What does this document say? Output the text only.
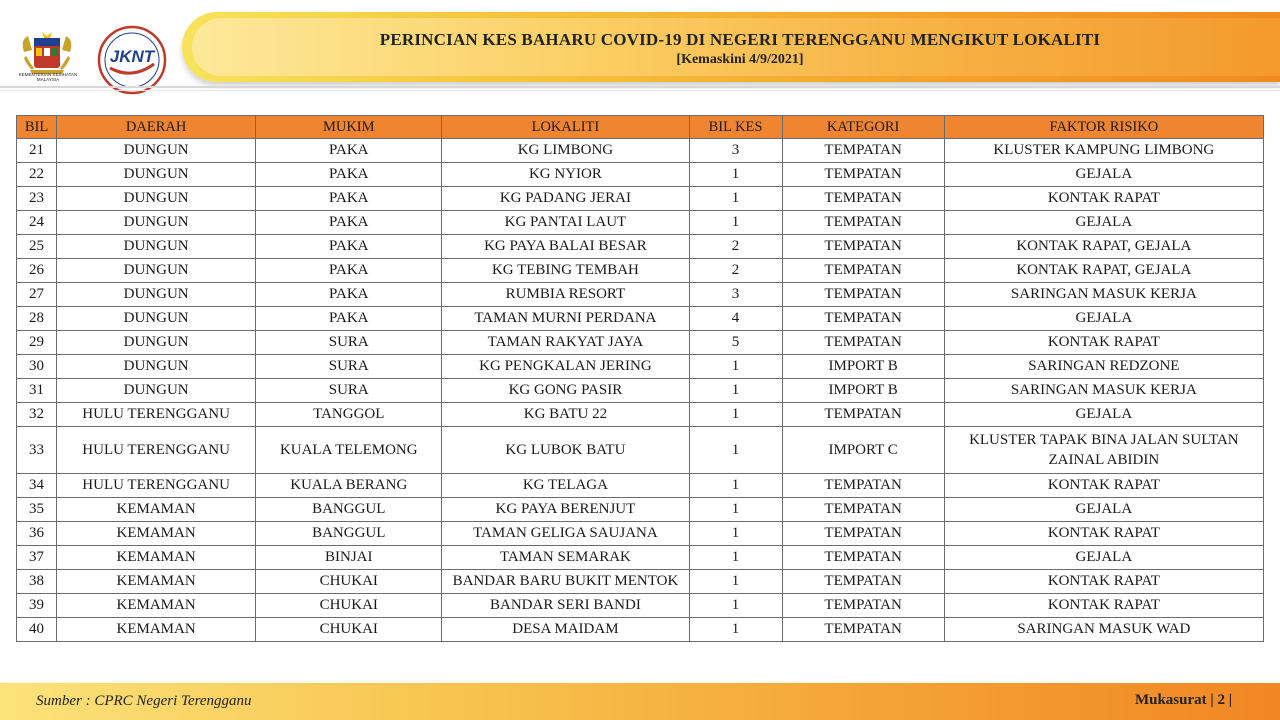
KEMENTERIAN KESIHATAN MALAYSIA
JKNT
PERINCIAN KES BAHARU COVID-19 DI NEGERI TERENGGANU MENGIKUT LOKALITI
[Kemaskini 4/9/2021]
BIL	DAERAH	MUKIM	LOKALITI	BIL KES	KATEGORI	FAKTOR RISIKO
21	DUNGUN	PAKA	KG LIMBONG	3	TEMPATAN	KLUSTER KAMPUNG LIMBONG
22	DUNGUN	PAKA	KG NYIOR	1	TEMPATAN	GEJALA
23	DUNGUN	PAKA	KG PADANG JERAI	1	TEMPATAN	KONTAK RAPAT
24	DUNGUN	PAKA	KG PANTAI LAUT	1	TEMPATAN	GEJALA
25	DUNGUN	PAKA	KG PAYA BALAI BESAR	2	TEMPATAN	KONTAK RAPAT, GEJALA
26	DUNGUN	PAKA	KG TEBING TEMBAH	2	TEMPATAN	KONTAK RAPAT, GEJALA
27	DUNGUN	PAKA	RUMBIA RESORT	3	TEMPATAN	SARINGAN MASUK KERJA
28	DUNGUN	PAKA	TAMAN MURNI PERDANA	4	TEMPATAN	GEJALA
29	DUNGUN	SURA	TAMAN RAKYAT JAYA	5	TEMPATAN	KONTAK RAPAT
30	DUNGUN	SURA	KG PENGKALAN JERING	1	IMPORT B	SARINGAN REDZONE
31	DUNGUN	SURA	KG GONG PASIR	1	IMPORT B	SARINGAN MASUK KERJA
32	HULU TERENGGANU	TANGGOL	KG BATU 22	1	TEMPATAN	GEJALA
33	HULU TERENGGANU	KUALA TELEMONG	KG LUBOK BATU	1	IMPORT C	KLUSTER TAPAK BINA JALAN SULTAN ZAINAL ABIDIN
34	HULU TERENGGANU	KUALA BERANG	KG TELAGA	1	TEMPATAN	KONTAK RAPAT
35	KEMAMAN	BANGGUL	KG PAYA BERENJUT	1	TEMPATAN	GEJALA
36	KEMAMAN	BANGGUL	TAMAN GELIGA SAUJANA	1	TEMPATAN	KONTAK RAPAT
37	KEMAMAN	BINJAI	TAMAN SEMARAK	1	TEMPATAN	GEJALA
38	KEMAMAN	CHUKAI	BANDAR BARU BUKIT MENTOK	1	TEMPATAN	KONTAK RAPAT
39	KEMAMAN	CHUKAI	BANDAR SERI BANDI	1	TEMPATAN	KONTAK RAPAT
40	KEMAMAN	CHUKAI	DESA MAIDAM	1	TEMPATAN	SARINGAN MASUK WAD
Sumber : CPRC Negeri Terengganu	Mukasurat | 2 |
